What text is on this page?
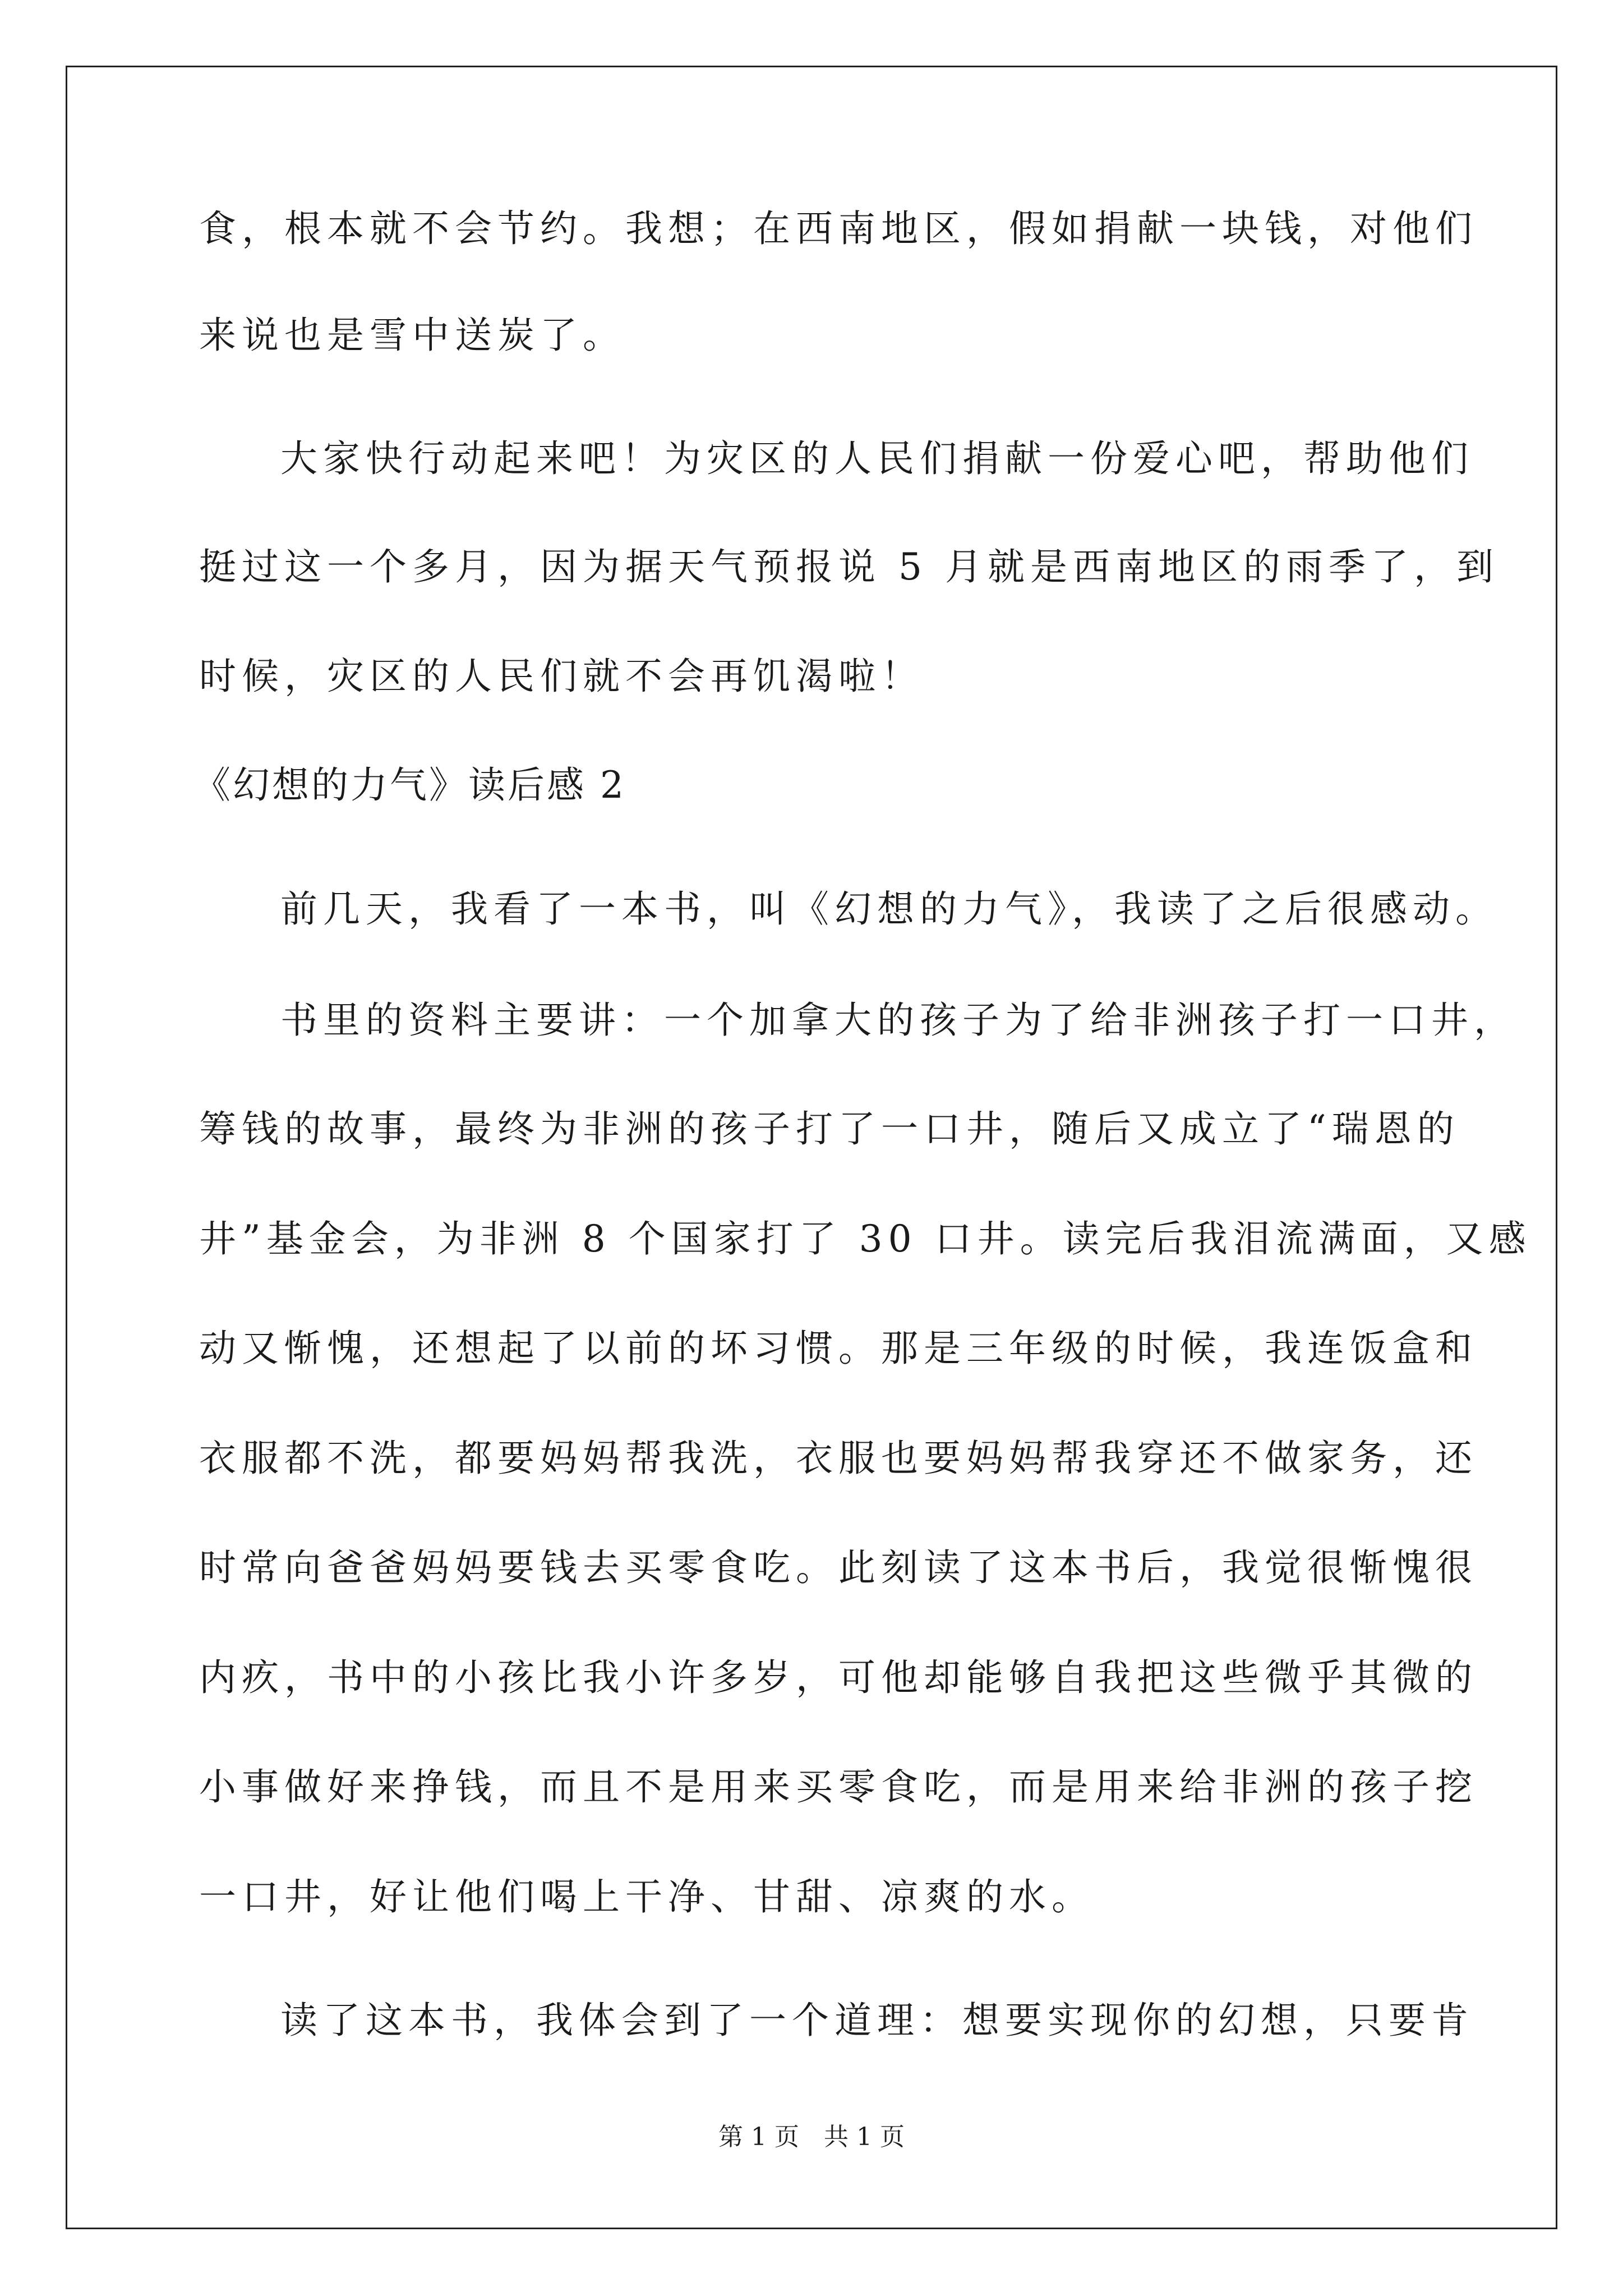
食，根本就不会节约。我想；在西南地区，假如捐献一块钱，对他们
来说也是雪中送炭了。
大家快行动起来吧！为灾区的人民们捐献一份爱心吧，帮助他们
挺过这一个多月，因为据天气预报说 5 月就是西南地区的雨季了，到
时候，灾区的人民们就不会再饥渴啦！
《幻想的力气》读后感 2
前几天，我看了一本书，叫《幻想的力气》，我读了之后很感动。
书里的资料主要讲：一个加拿大的孩子为了给非洲孩子打一口井，
筹钱的故事，最终为非洲的孩子打了一口井，随后又成立了“瑞恩的
井”基金会，为非洲 8 个国家打了 30 口井。读完后我泪流满面，又感
动又惭愧，还想起了以前的坏习惯。那是三年级的时候，我连饭盒和
衣服都不洗，都要妈妈帮我洗，衣服也要妈妈帮我穿还不做家务，还
时常向爸爸妈妈要钱去买零食吃。此刻读了这本书后，我觉很惭愧很
内疚，书中的小孩比我小许多岁，可他却能够自我把这些微乎其微的
小事做好来挣钱，而且不是用来买零食吃，而是用来给非洲的孩子挖
一口井，好让他们喝上干净、甘甜、凉爽的水。
读了这本书，我体会到了一个道理：想要实现你的幻想，只要肯
第 1 页　共 1 页
